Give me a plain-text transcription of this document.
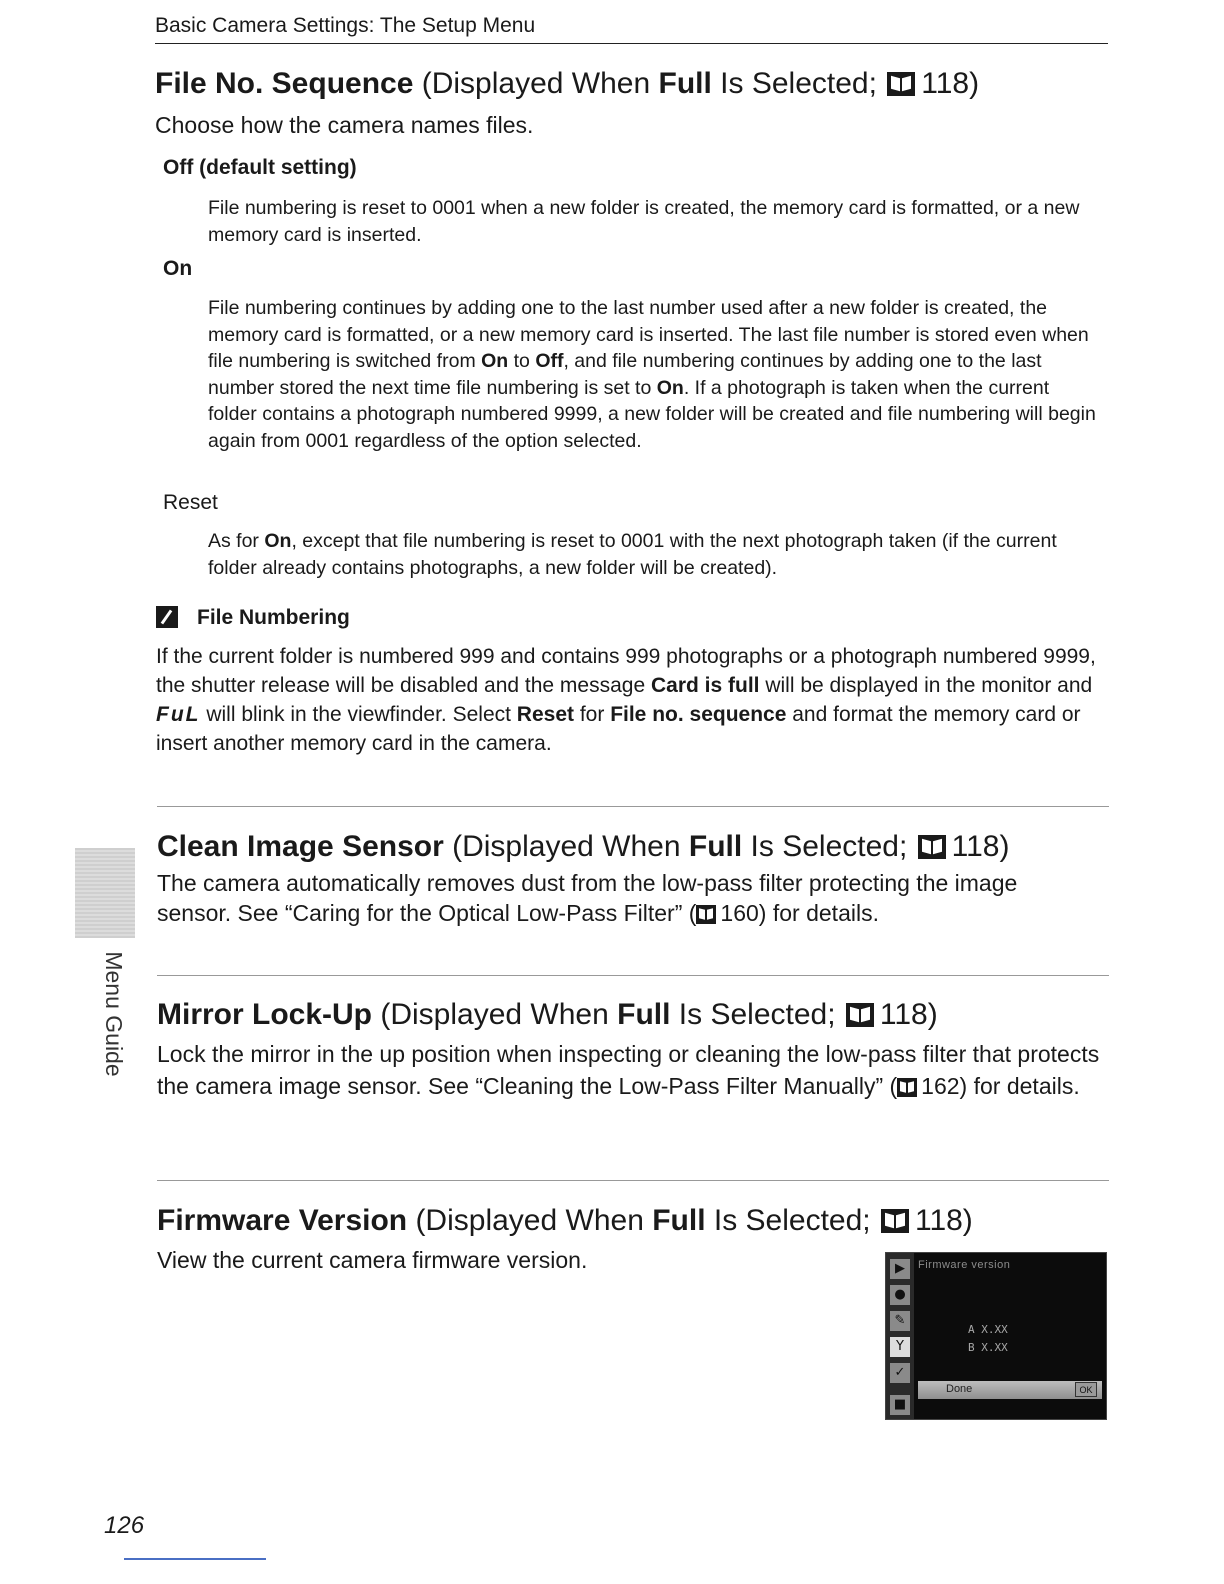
Basic Camera Settings: The Setup Menu
File No. Sequence (Displayed When Full Is Selected; 118)
Choose how the camera names files.
Off (default setting)
File numbering is reset to 0001 when a new folder is created, the memory card is formatted, or a new memory card is inserted.
On
File numbering continues by adding one to the last number used after a new folder is created, the memory card is formatted, or a new memory card is inserted. The last file number is stored even when file numbering is switched from On to Off, and file numbering continues by adding one to the last number stored the next time file numbering is set to On. If a photograph is taken when the current folder contains a photograph numbered 9999, a new folder will be created and file numbering will begin again from 0001 regardless of the option selected.
Reset
As for On, except that file numbering is reset to 0001 with the next photograph taken (if the current folder already contains photographs, a new folder will be created).
File Numbering
If the current folder is numbered 999 and contains 999 photographs or a photograph numbered 9999, the shutter release will be disabled and the message Card is full will be displayed in the monitor and FuL will blink in the viewfinder. Select Reset for File no. sequence and format the memory card or insert another memory card in the camera.
Clean Image Sensor (Displayed When Full Is Selected; 118)
The camera automatically removes dust from the low-pass filter protecting the image sensor. See “Caring for the Optical Low-Pass Filter” ( 160) for details.
Mirror Lock-Up (Displayed When Full Is Selected; 118)
Lock the mirror in the up position when inspecting or cleaning the low-pass filter that protects the camera image sensor. See “Cleaning the Low-Pass Filter Manually” ( 162) for details.
Firmware Version (Displayed When Full Is Selected; 118)
View the current camera firmware version.	▶
●
✎
Y
✓
■
Firmware version
A X.XX
B X.XX
Done	OK
Menu Guide
126
